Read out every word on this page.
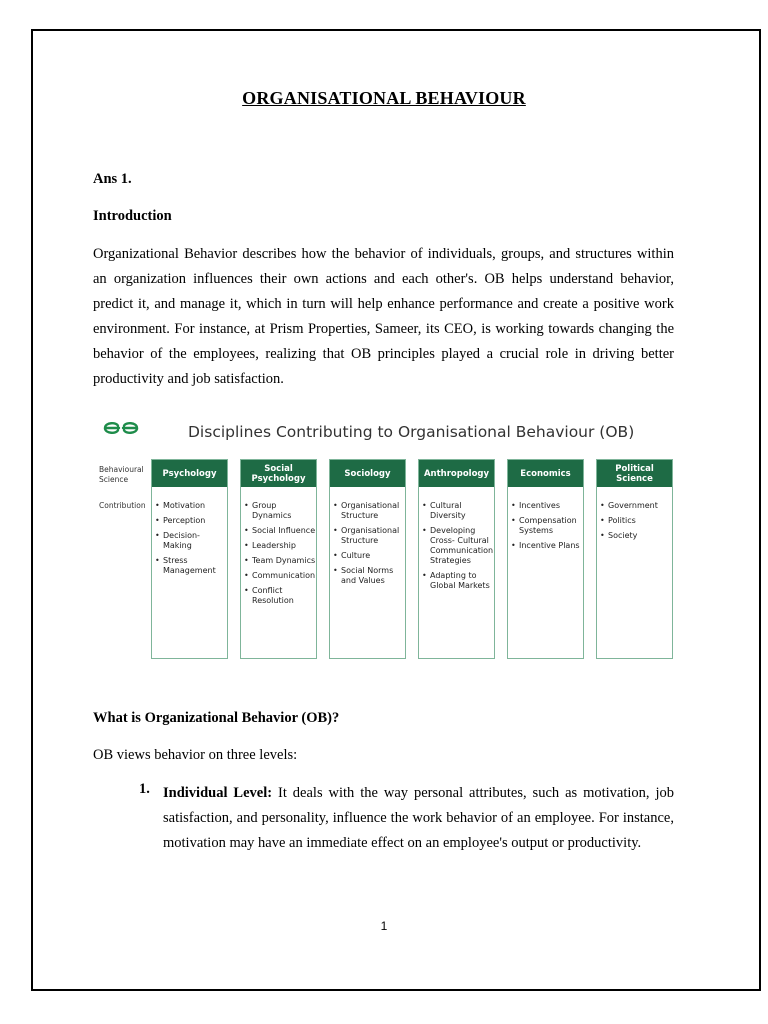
ORGANISATIONAL BEHAVIOUR
Ans 1.
Introduction
Organizational Behavior describes how the behavior of individuals, groups, and structures within an organization influences their own actions and each other's. OB helps understand behavior, predict it, and manage it, which in turn will help enhance performance and create a positive work environment. For instance, at Prism Properties, Sameer, its CEO, is working towards changing the behavior of the employees, realizing that OB principles played a crucial role in driving better productivity and job satisfaction.
Disciplines Contributing to Organisational Behaviour (OB)
Behavioural Science
Contribution
Psychology
• Motivation
• Perception
• Decision-Making
• Stress Management
Social Psychology
• Group Dynamics
• Social Influence
• Leadership
• Team Dynamics
• Communication
• Conflict Resolution
Sociology
• Organisational Structure
• Organisational Structure
• Culture
• Social Norms and Values
Anthropology
• Cultural Diversity
• Developing Cross- Cultural Communication Strategies
• Adapting to Global Markets
Economics
• Incentives
• Compensation Systems
• Incentive Plans
Political Science
• Government
• Politics
• Society
What is Organizational Behavior (OB)?
OB views behavior on three levels:
1. Individual Level: It deals with the way personal attributes, such as motivation, job satisfaction, and personality, influence the work behavior of an employee. For instance, motivation may have an immediate effect on an employee's output or productivity.
1
